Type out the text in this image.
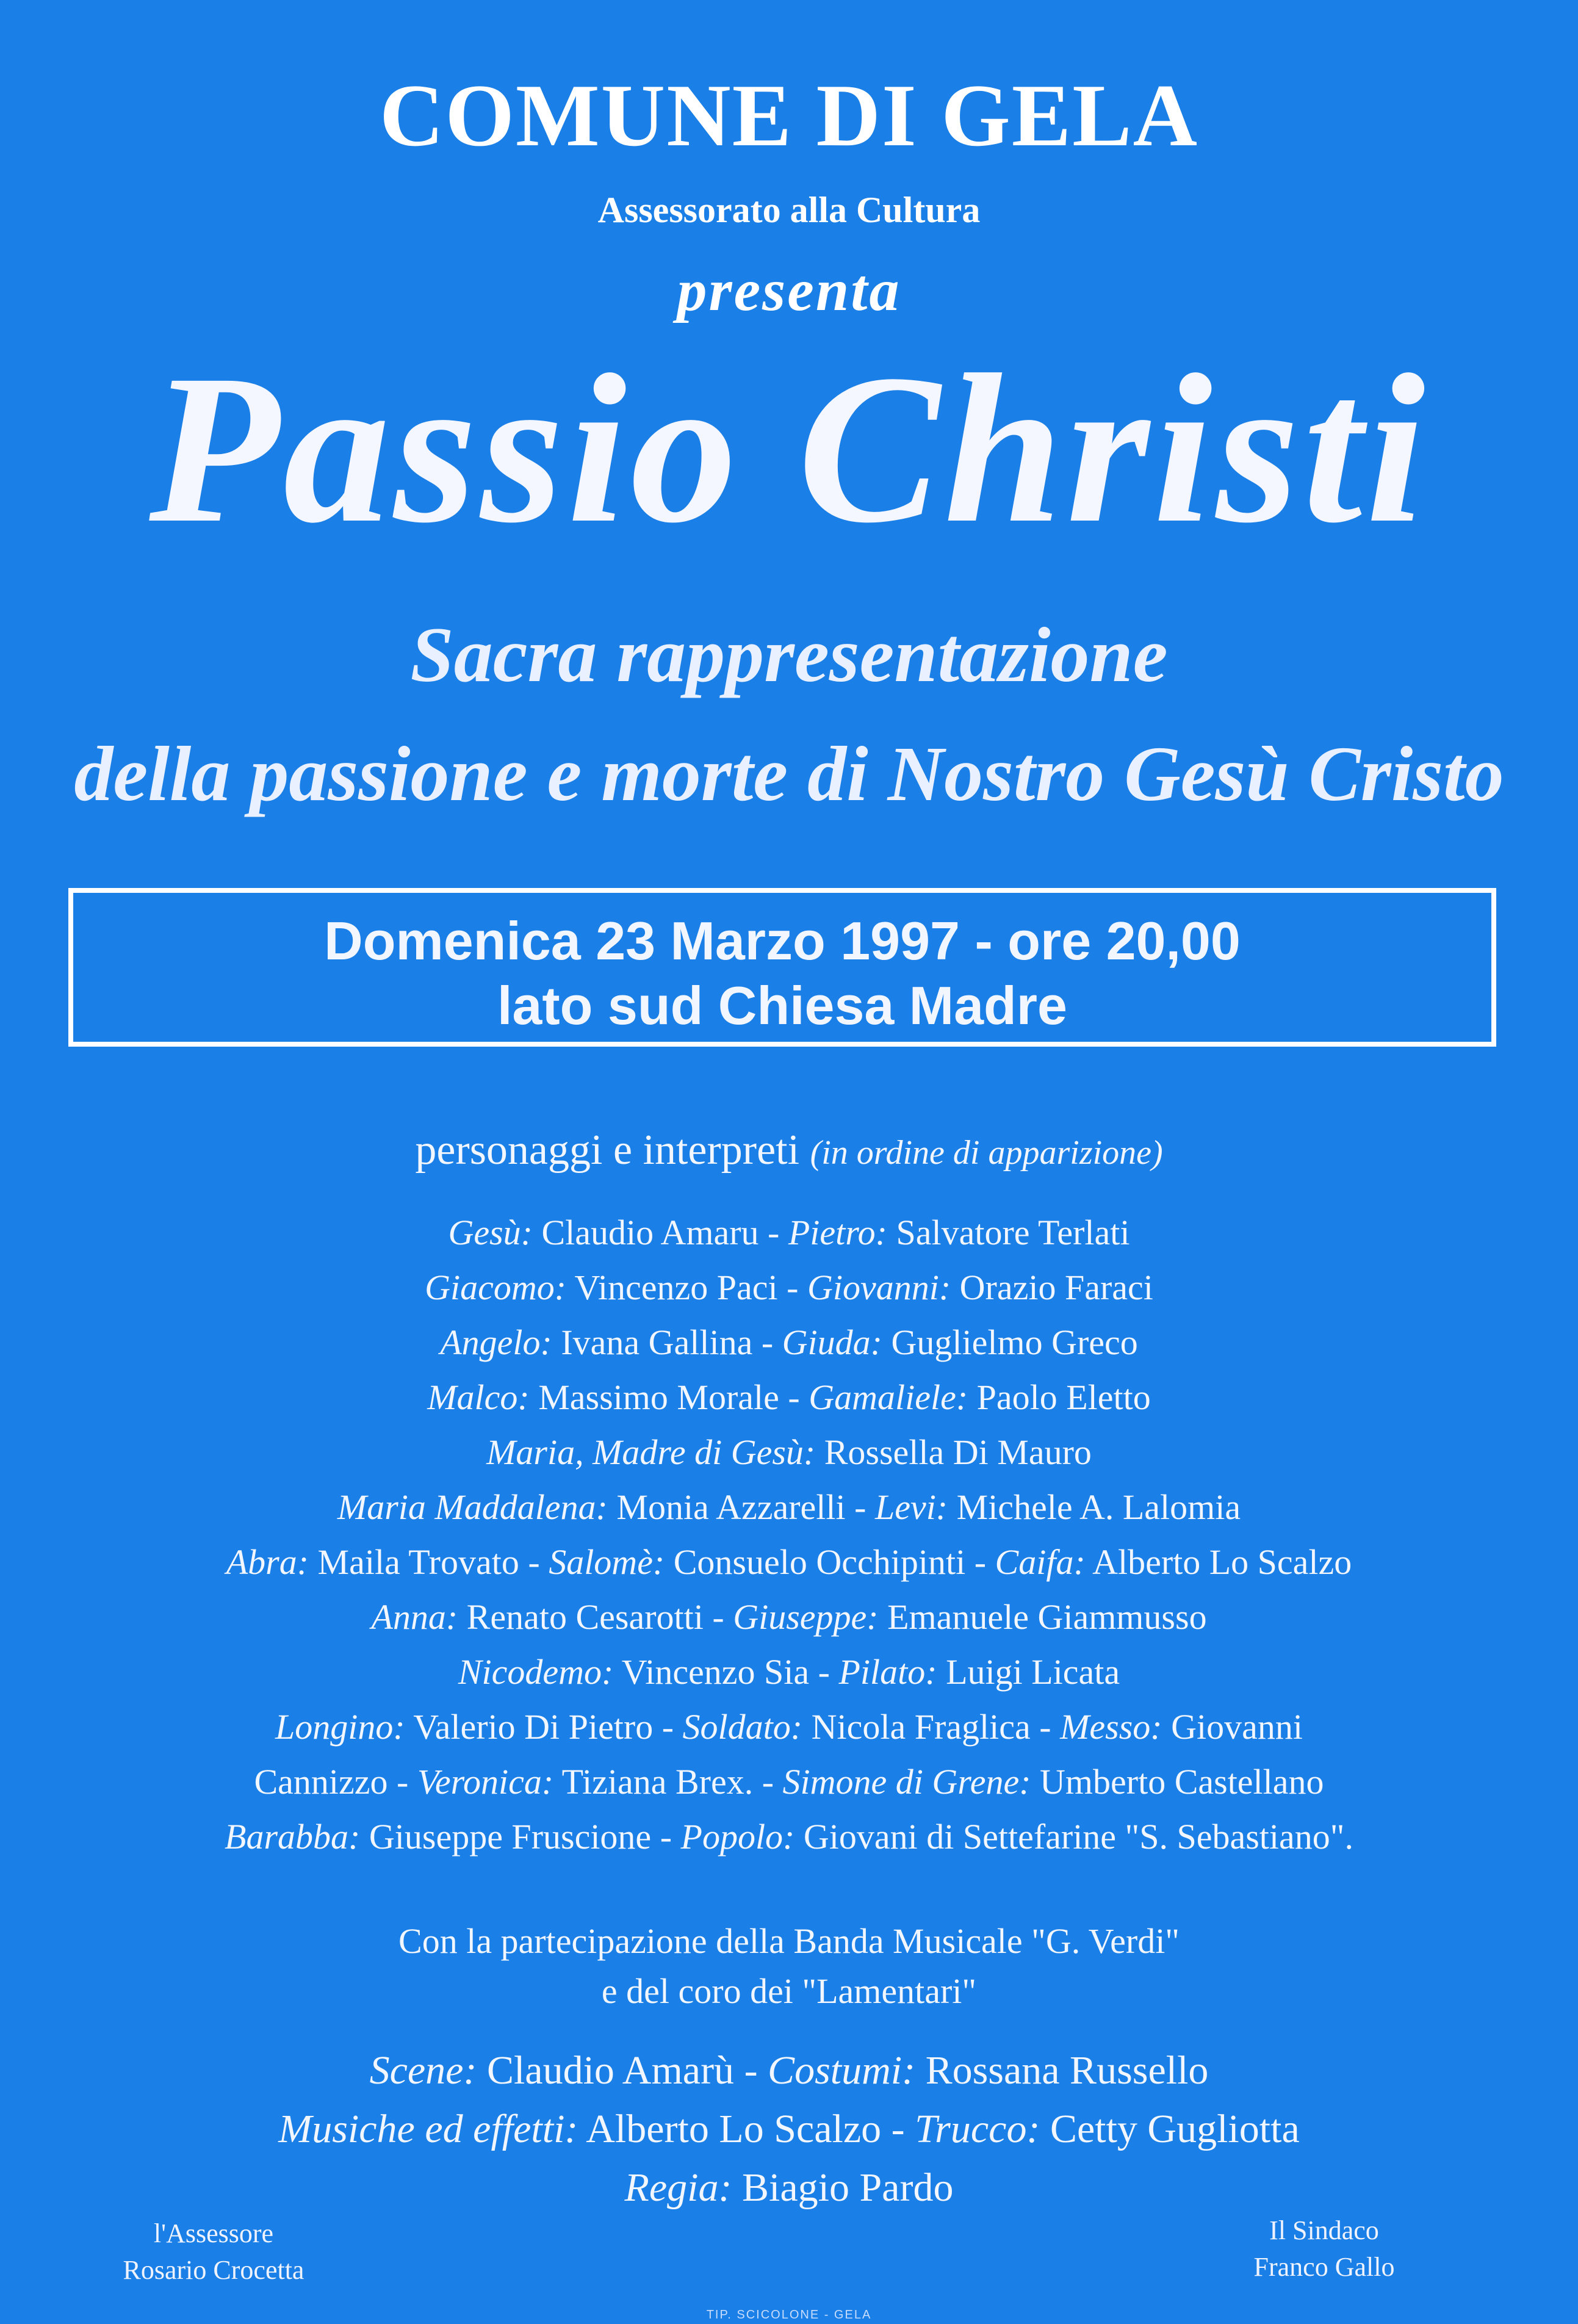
COMUNE DI GELA
Assessorato alla Cultura
presenta
Passio Christi
Sacra rappresentazione
della passione e morte di Nostro Gesù Cristo
Domenica 23 Marzo 1997 - ore 20,00
lato sud Chiesa Madre
personaggi e interpreti (in ordine di apparizione)
Gesù: Claudio Amaru - Pietro: Salvatore Terlati
Giacomo: Vincenzo Paci - Giovanni: Orazio Faraci
Angelo: Ivana Gallina - Giuda: Guglielmo Greco
Malco: Massimo Morale - Gamaliele: Paolo Eletto
Maria, Madre di Gesù: Rossella Di Mauro
Maria Maddalena: Monia Azzarelli - Levi: Michele A. Lalomia
Abra: Maila Trovato - Salomè: Consuelo Occhipinti - Caifa: Alberto Lo Scalzo
Anna: Renato Cesarotti - Giuseppe: Emanuele Giammusso
Nicodemo: Vincenzo Sia - Pilato: Luigi Licata
Longino: Valerio Di Pietro - Soldato: Nicola Fraglica - Messo: Giovanni
Cannizzo - Veronica: Tiziana Brex. - Simone di Grene: Umberto Castellano
Barabba: Giuseppe Fruscione - Popolo: Giovani di Settefarine "S. Sebastiano".
Con la partecipazione della Banda Musicale "G. Verdi"
e del coro dei "Lamentari"
Scene: Claudio Amarù - Costumi: Rossana Russello
Musiche ed effetti: Alberto Lo Scalzo - Trucco: Cetty Gugliotta
Regia: Biagio Pardo
l'Assessore
Rosario Crocetta
Il Sindaco
Franco Gallo
TIP. SCICOLONE - GELA
